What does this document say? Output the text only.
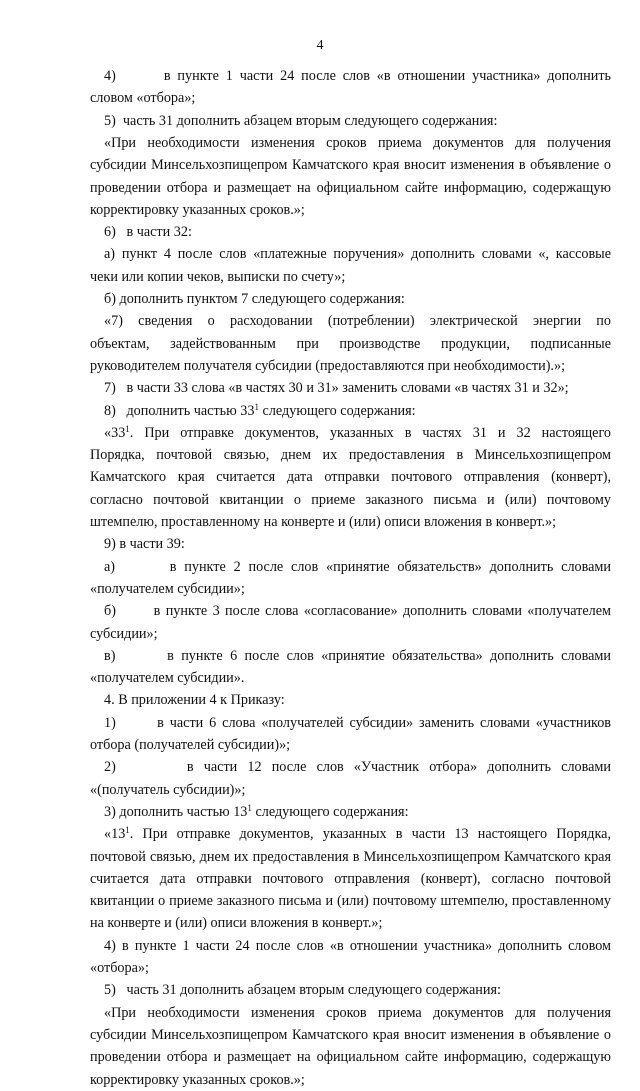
4

4)       в пункте 1 части 24 после слов «в отношении участника» дополнить

словом «отбора»;

5)  часть 31 дополнить абзацем вторым следующего содержания:

«При необходимости изменения сроков приема документов для получения

субсидии Минсельхозпищепром Камчатского края вносит изменения в объявление о

проведении отбора и размещает на официальном сайте информацию, содержащую

корректировку указанных сроков.»;

6)   в части 32:

а) пункт 4 после слов «платежные поручения» дополнить словами «, кассовые

чеки или копии чеков, выписки по счету»;

б) дополнить пунктом 7 следующего содержания:

«7) сведения о расходовании (потреблении) электрической энергии по

объектам, задействованным при производстве продукции, подписанные

руководителем получателя субсидии (предоставляются при необходимости).»;

7)   в части 33 слова «в частях 30 и 31» заменить словами «в частях 31 и 32»;

8)   дополнить частью $33^1$ следующего содержания:

«$33^1$. При отправке документов, указанных в частях 31 и 32 настоящего

Порядка, почтовой связью, днем их предоставления в Минсельхозпищепром

Камчатского края считается дата отправки почтового отправления (конверт),

согласно почтовой квитанции о приеме заказного письма и (или) почтовому

штемпелю, проставленному на конверте и (или) описи вложения в конверт.»;

9) в части 39:

а)       в пункте 2 после слов «принятие обязательств» дополнить словами

«получателем субсидии»;

б)       в пункте 3 после слова «согласование» дополнить словами «получателем

субсидии»;

в)       в пункте 6 после слов «принятие обязательства» дополнить словами

«получателем субсидии».

4. В приложении 4 к Приказу:

1)       в части 6 слова «получателей субсидии» заменить словами «участников

отбора (получателей субсидии)»;

2)       в части 12 после слов «Участник отбора» дополнить словами

«(получатель субсидии)»;

3) дополнить частью $13^1$ следующего содержания:

«$13^1$. При отправке документов, указанных в части 13 настоящего Порядка,

почтовой связью, днем их предоставления в Минсельхозпищепром Камчатского края

считается дата отправки почтового отправления (конверт), согласно почтовой

квитанции о приеме заказного письма и (или) почтовому штемпелю, проставленному

на конверте и (или) описи вложения в конверт.»;

4) в пункте 1 части 24 после слов «в отношении участника» дополнить словом

«отбора»;

5)   часть 31 дополнить абзацем вторым следующего содержания:

«При необходимости изменения сроков приема документов для получения

субсидии Минсельхозпищепром Камчатского края вносит изменения в объявление о

проведении отбора и размещает на официальном сайте информацию, содержащую

корректировку указанных сроков.»;
